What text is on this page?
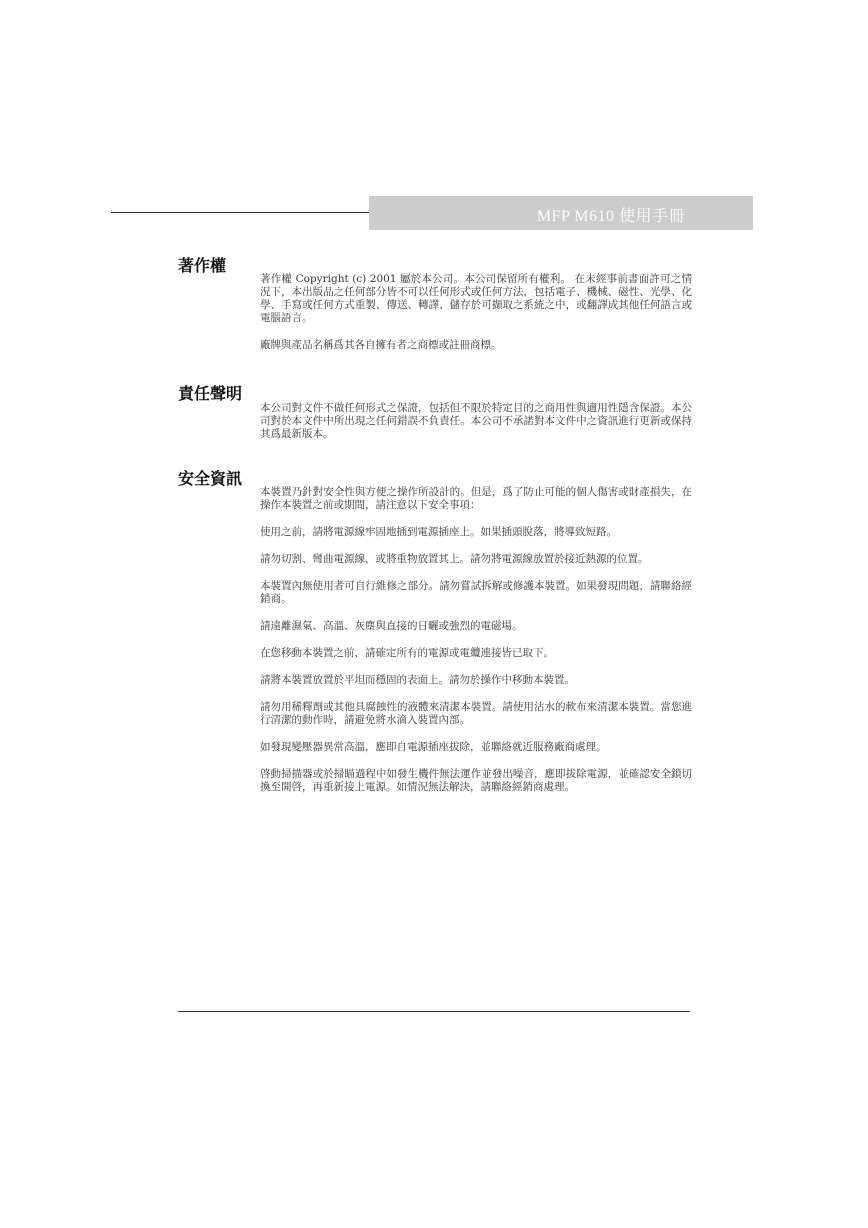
MFP M610 使用手冊
著作權

著作權 Copyright (c) 2001 屬於本公司。本公司保留所有權利。 在未經事前書面許可之情況下，本出版品之任何部分皆不可以任何形式或任何方法，包括電子、機械、磁性、光學、化學、手寫或任何方式重製、傳送、轉譯、儲存於可擷取之系統之中，或翻譯成其他任何語言或電腦語言。

廠牌與產品名稱爲其各自擁有者之商標或註冊商標。

責任聲明

本公司對文件不做任何形式之保證，包括但不限於特定目的之商用性與適用性隱含保證。本公司對於本文件中所出現之任何錯誤不負責任。本公司不承諾對本文件中之資訊進行更新或保持其爲最新版本。

安全資訊

本裝置乃針對安全性與方便之操作所設計的。但是，爲了防止可能的個人傷害或財產損失，在操作本裝置之前或期間，請注意以下安全事項：

使用之前，請將電源線牢固地插到電源插座上。如果插頭脫落，將導致短路。

請勿切割、彎曲電源線，或將重物放置其上。請勿將電源線放置於接近熱源的位置。

本裝置內無使用者可自行維修之部分。請勿嘗試拆解或修護本裝置。如果發現問題，請聯絡經銷商。

請遠離濕氣、高溫、灰塵與直接的日曬或強烈的電磁場。

在您移動本裝置之前，請確定所有的電源或電纜連接皆已取下。

請將本裝置放置於平坦而穩固的表面上。請勿於操作中移動本裝置。

請勿用稀釋劑或其他具腐蝕性的液體來清潔本裝置。請使用沾水的軟布來清潔本裝置。當您進行清潔的動作時，請避免將水滴入裝置內部。

如發現變壓器異常高溫，應即自電源插座拔除，並聯絡就近服務廠商處理。

啓動掃描器或於掃瞄過程中如發生機件無法運作並發出噪音，應即拔除電源，並確認安全鎖切換至開啓，再重新接上電源。如情況無法解決，請聯絡經銷商處理。
